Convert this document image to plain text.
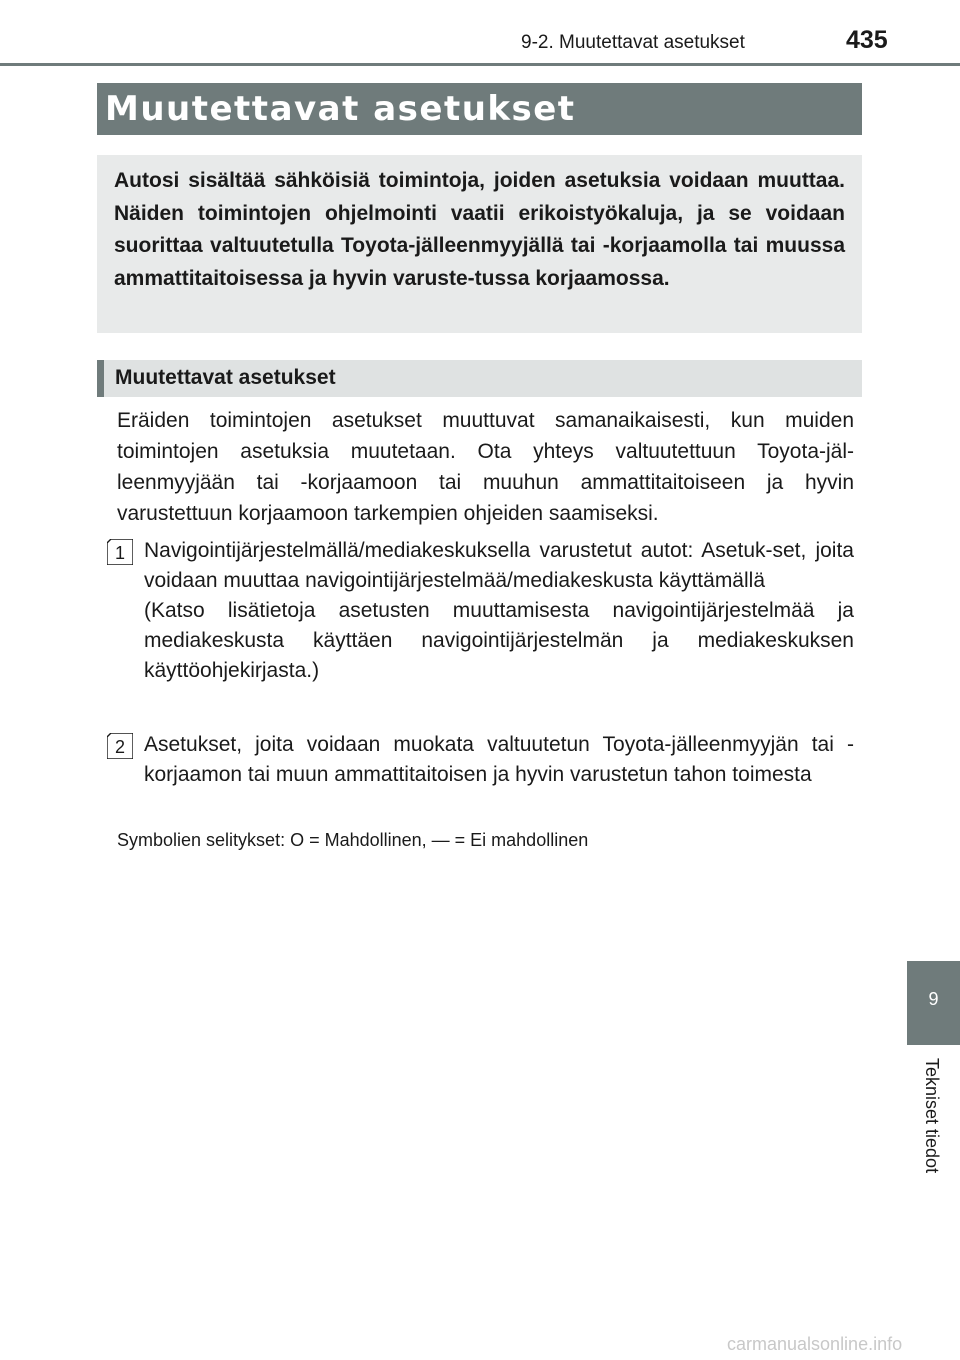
9-2. Muutettavat asetukset	435
Muutettavat asetukset
Autosi sisältää sähköisiä toimintoja, joiden asetuksia voidaan muuttaa. Näiden toimintojen ohjelmointi vaatii erikoistyökaluja, ja se voidaan suorittaa valtuutetulla Toyota-jälleenmyyjällä tai -korjaamolla tai muussa ammattitaitoisessa ja hyvin varuste-tussa korjaamossa.
Muutettavat asetukset
Eräiden toimintojen asetukset muuttuvat samanaikaisesti, kun muiden toimintojen asetuksia muutetaan. Ota yhteys valtuutettuun Toyota-jäl-leenmyyjään tai -korjaamoon tai muuhun ammattitaitoiseen ja hyvin varustettuun korjaamoon tarkempien ohjeiden saamiseksi.
1 Navigointijärjestelmällä/mediakeskuksella varustetut autot: Asetuk-set, joita voidaan muuttaa navigointijärjestelmää/mediakeskusta käyttämällä
(Katso lisätietoja asetusten muuttamisesta navigointijärjestelmää ja mediakeskusta käyttäen navigointijärjestelmän ja mediakeskuksen käyttöohjekirjasta.)
2 Asetukset, joita voidaan muokata valtuutetun Toyota-jälleenmyyjän tai -korjaamon tai muun ammattitaitoisen ja hyvin varustetun tahon toimesta
Symbolien selitykset: O = Mahdollinen, — = Ei mahdollinen
9
Tekniset tiedot
carmanualsonline.info
